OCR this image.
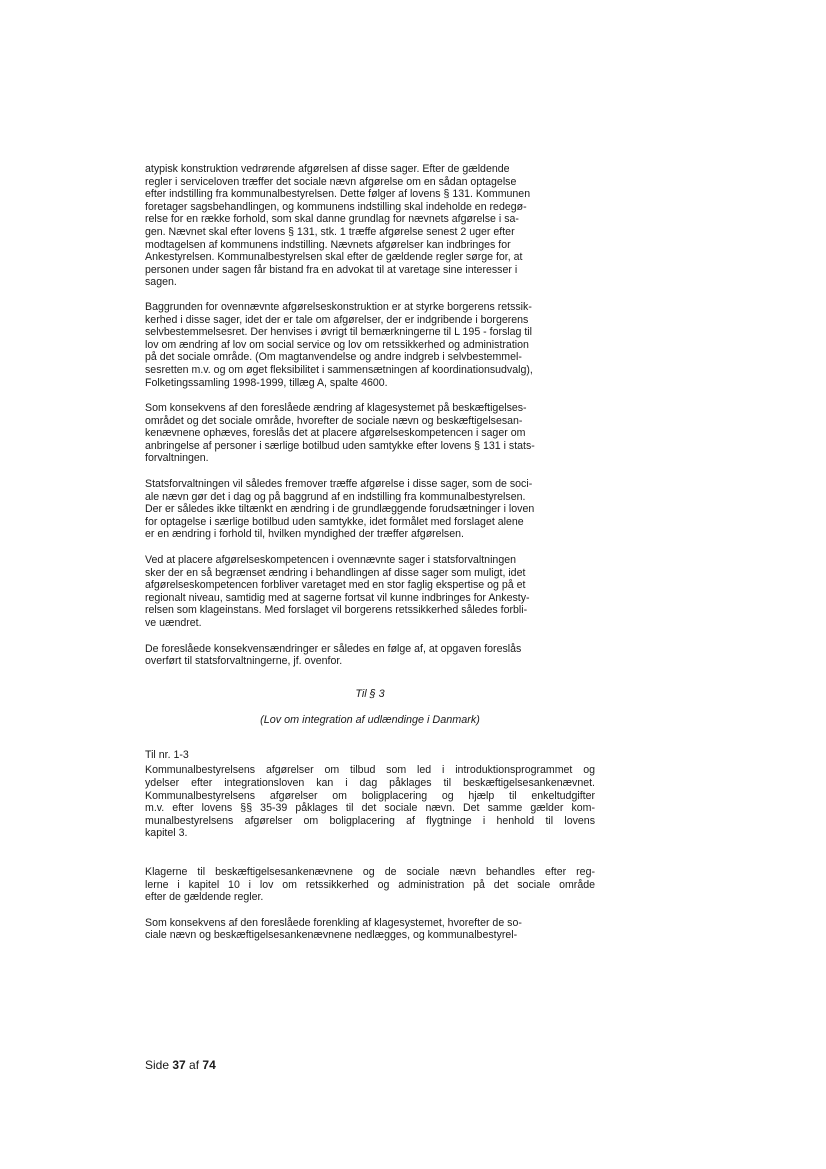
atypisk konstruktion vedrørende afgørelsen af disse sager. Efter de gældende
regler i serviceloven træffer det sociale nævn afgørelse om en sådan optagelse
efter indstilling fra kommunalbestyrelsen. Dette følger af lovens § 131. Kommunen
foretager sagsbehandlingen, og kommunens indstilling skal indeholde en redegø-
relse for en række forhold, som skal danne grundlag for nævnets afgørelse i sa-
gen. Nævnet skal efter lovens § 131, stk. 1 træffe afgørelse senest 2 uger efter
modtagelsen af kommunens indstilling. Nævnets afgørelser kan indbringes for
Ankestyrelsen. Kommunalbestyrelsen skal efter de gældende regler sørge for, at
personen under sagen får bistand fra en advokat til at varetage sine interesser i
sagen.

Baggrunden for ovennævnte afgørelseskonstruktion er at styrke borgerens retssik-
kerhed i disse sager, idet der er tale om afgørelser, der er indgribende i borgerens
selvbestemmelsesret. Der henvises i øvrigt til bemærkningerne til L 195 - forslag til
lov om ændring af lov om social service og lov om retssikkerhed og administration
på det sociale område. (Om magtanvendelse og andre indgreb i selvbestemmel-
sesretten m.v. og om øget fleksibilitet i sammensætningen af koordinationsudvalg),
Folketingssamling 1998-1999, tillæg A, spalte 4600.

Som konsekvens af den foreslåede ændring af klagesystemet på beskæftigelses-
området og det sociale område, hvorefter de sociale nævn og beskæftigelsesan-
kenævnene ophæves, foreslås det at placere afgørelseskompetencen i sager om
anbringelse af personer i særlige botilbud uden samtykke efter lovens § 131 i stats-
forvaltningen.

Statsforvaltningen vil således fremover træffe afgørelse i disse sager, som de soci-
ale nævn gør det i dag og på baggrund af en indstilling fra kommunalbestyrelsen.
Der er således ikke tiltænkt en ændring i de grundlæggende forudsætninger i loven
for optagelse i særlige botilbud uden samtykke, idet formålet med forslaget alene
er en ændring i forhold til, hvilken myndighed der træffer afgørelsen.

Ved at placere afgørelseskompetencen i ovennævnte sager i statsforvaltningen
sker der en så begrænset ændring i behandlingen af disse sager som muligt, idet
afgørelseskompetencen forbliver varetaget med en stor faglig ekspertise og på et
regionalt niveau, samtidig med at sagerne fortsat vil kunne indbringes for Ankesty-
relsen som klageinstans. Med forslaget vil borgerens retssikkerhed således forbli-
ve uændret.

De foreslåede konsekvensændringer er således en følge af, at opgaven foreslås
overført til statsforvaltningerne, jf. ovenfor.

Til § 3

(Lov om integration af udlændinge i Danmark)

Til nr. 1-3

Kommunalbestyrelsens afgørelser om tilbud som led i introduktionsprogrammet og
ydelser efter integrationsloven kan i dag påklages til beskæftigelsesankenævnet.
Kommunalbestyrelsens afgørelser om boligplacering og hjælp til enkeltudgifter
m.v. efter lovens §§ 35-39 påklages til det sociale nævn. Det samme gælder kom-
munalbestyrelsens afgørelser om boligplacering af flygtninge i henhold til lovens
kapitel 3.

Klagerne til beskæftigelsesankenævnene og de sociale nævn behandles efter reg-
lerne i kapitel 10 i lov om retssikkerhed og administration på det sociale område
efter de gældende regler.

Som konsekvens af den foreslåede forenkling af klagesystemet, hvorefter de so-
ciale nævn og beskæftigelsesankenævnene nedlægges, og kommunalbestyrel-

Side 37 af 74
